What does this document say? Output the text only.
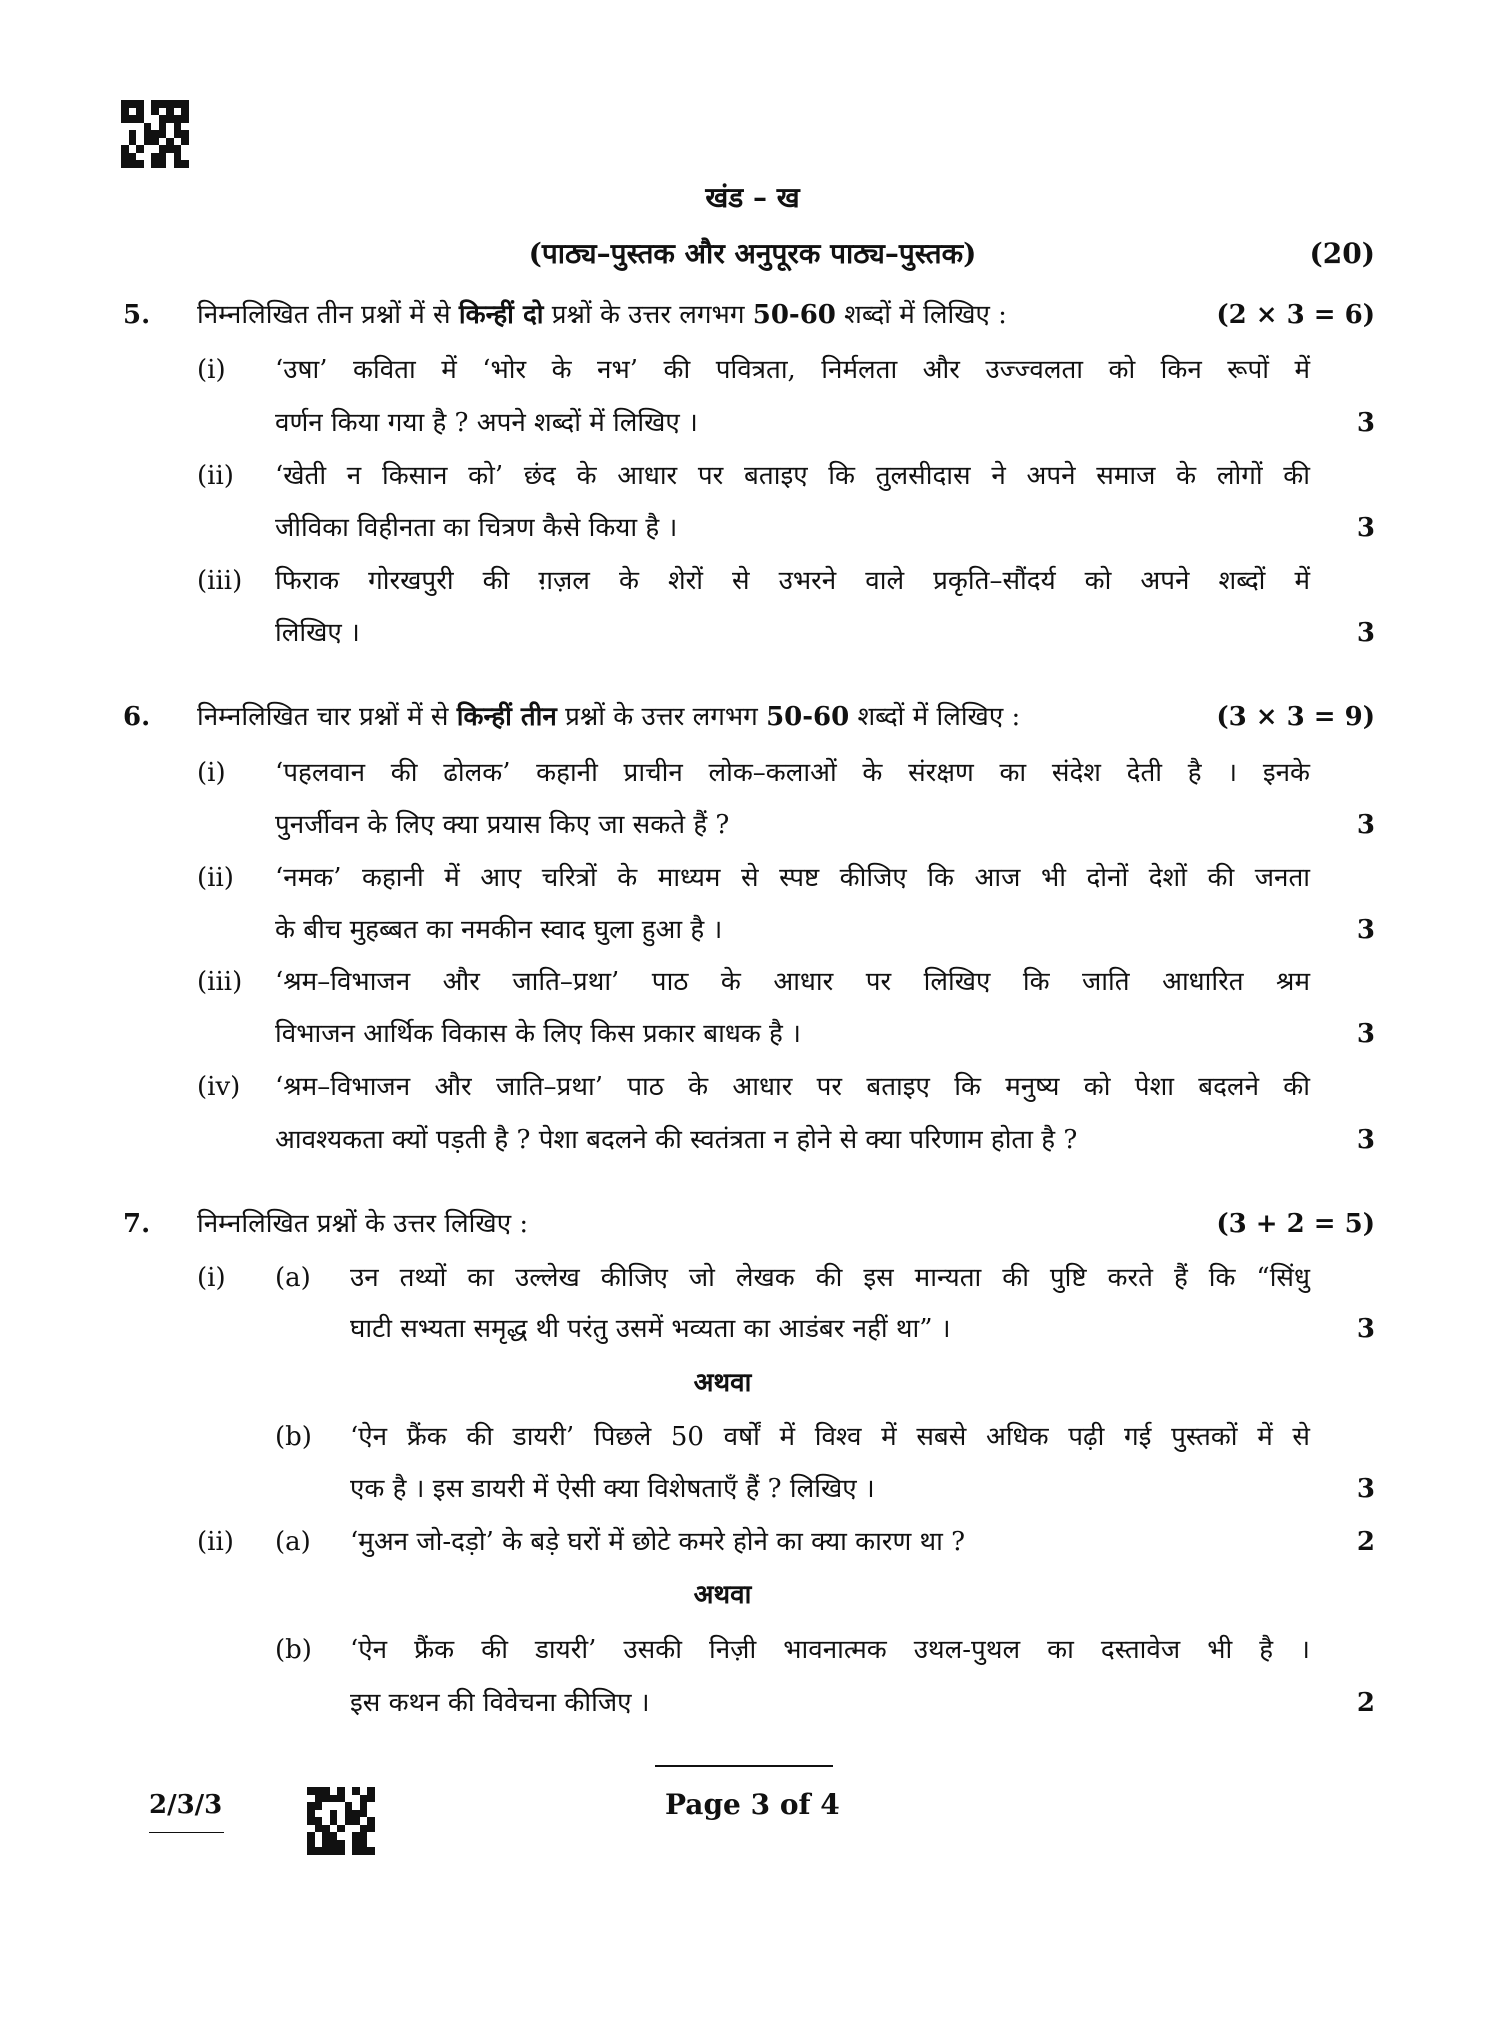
खंड – ख
(पाठ्य–पुस्तक और अनुपूरक पाठ्य–पुस्तक)	(20)
5. निम्नलिखित तीन प्रश्नों में से किन्हीं दो प्रश्नों के उत्तर लगभग 50-60 शब्दों में लिखिए :	(2 × 3 = 6)
(i) ‘उषा’ कविता में ‘भोर के नभ’ की पवित्रता, निर्मलता और उज्ज्वलता को किन रूपों में
वर्णन किया गया है ? अपने शब्दों में लिखिए ।	3
(ii) ‘खेती न किसान को’ छंद के आधार पर बताइए कि तुलसीदास ने अपने समाज के लोगों की
जीविका विहीनता का चित्रण कैसे किया है ।	3
(iii) फिराक गोरखपुरी की ग़ज़ल के शेरों से उभरने वाले प्रकृति–सौंदर्य को अपने शब्दों में
लिखिए ।	3
6. निम्नलिखित चार प्रश्नों में से किन्हीं तीन प्रश्नों के उत्तर लगभग 50-60 शब्दों में लिखिए :	(3 × 3 = 9)
(i) ‘पहलवान की ढोलक’ कहानी प्राचीन लोक–कलाओं के संरक्षण का संदेश देती है । इनके
पुनर्जीवन के लिए क्या प्रयास किए जा सकते हैं ?	3
(ii) ‘नमक’ कहानी में आए चरित्रों के माध्यम से स्पष्ट कीजिए कि आज भी दोनों देशों की जनता
के बीच मुहब्बत का नमकीन स्वाद घुला हुआ है ।	3
(iii) ‘श्रम–विभाजन और जाति–प्रथा’ पाठ के आधार पर लिखिए कि जाति आधारित श्रम
विभाजन आर्थिक विकास के लिए किस प्रकार बाधक है ।	3
(iv) ‘श्रम–विभाजन और जाति–प्रथा’ पाठ के आधार पर बताइए कि मनुष्य को पेशा बदलने की
आवश्यकता क्यों पड़ती है ? पेशा बदलने की स्वतंत्रता न होने से क्या परिणाम होता है ?	3
7. निम्नलिखित प्रश्नों के उत्तर लिखिए :	(3 + 2 = 5)
(i) (a) उन तथ्यों का उल्लेख कीजिए जो लेखक की इस मान्यता की पुष्टि करते हैं कि “सिंधु
घाटी सभ्यता समृद्ध थी परंतु उसमें भव्यता का आडंबर नहीं था” ।	3
अथवा
(b) ‘ऐन फ्रैंक की डायरी’ पिछले 50 वर्षों में विश्व में सबसे अधिक पढ़ी गई पुस्तकों में से
एक है । इस डायरी में ऐसी क्या विशेषताएँ हैं ? लिखिए ।	3
(ii) (a) ‘मुअन जो-दड़ो’ के बड़े घरों में छोटे कमरे होने का क्या कारण था ?	2
अथवा
(b) ‘ऐन फ्रैंक की डायरी’ उसकी निज़ी भावनात्मक उथल-पुथल का दस्तावेज भी है ।
इस कथन की विवेचना कीजिए ।	2
2/3/3	Page 3 of 4
